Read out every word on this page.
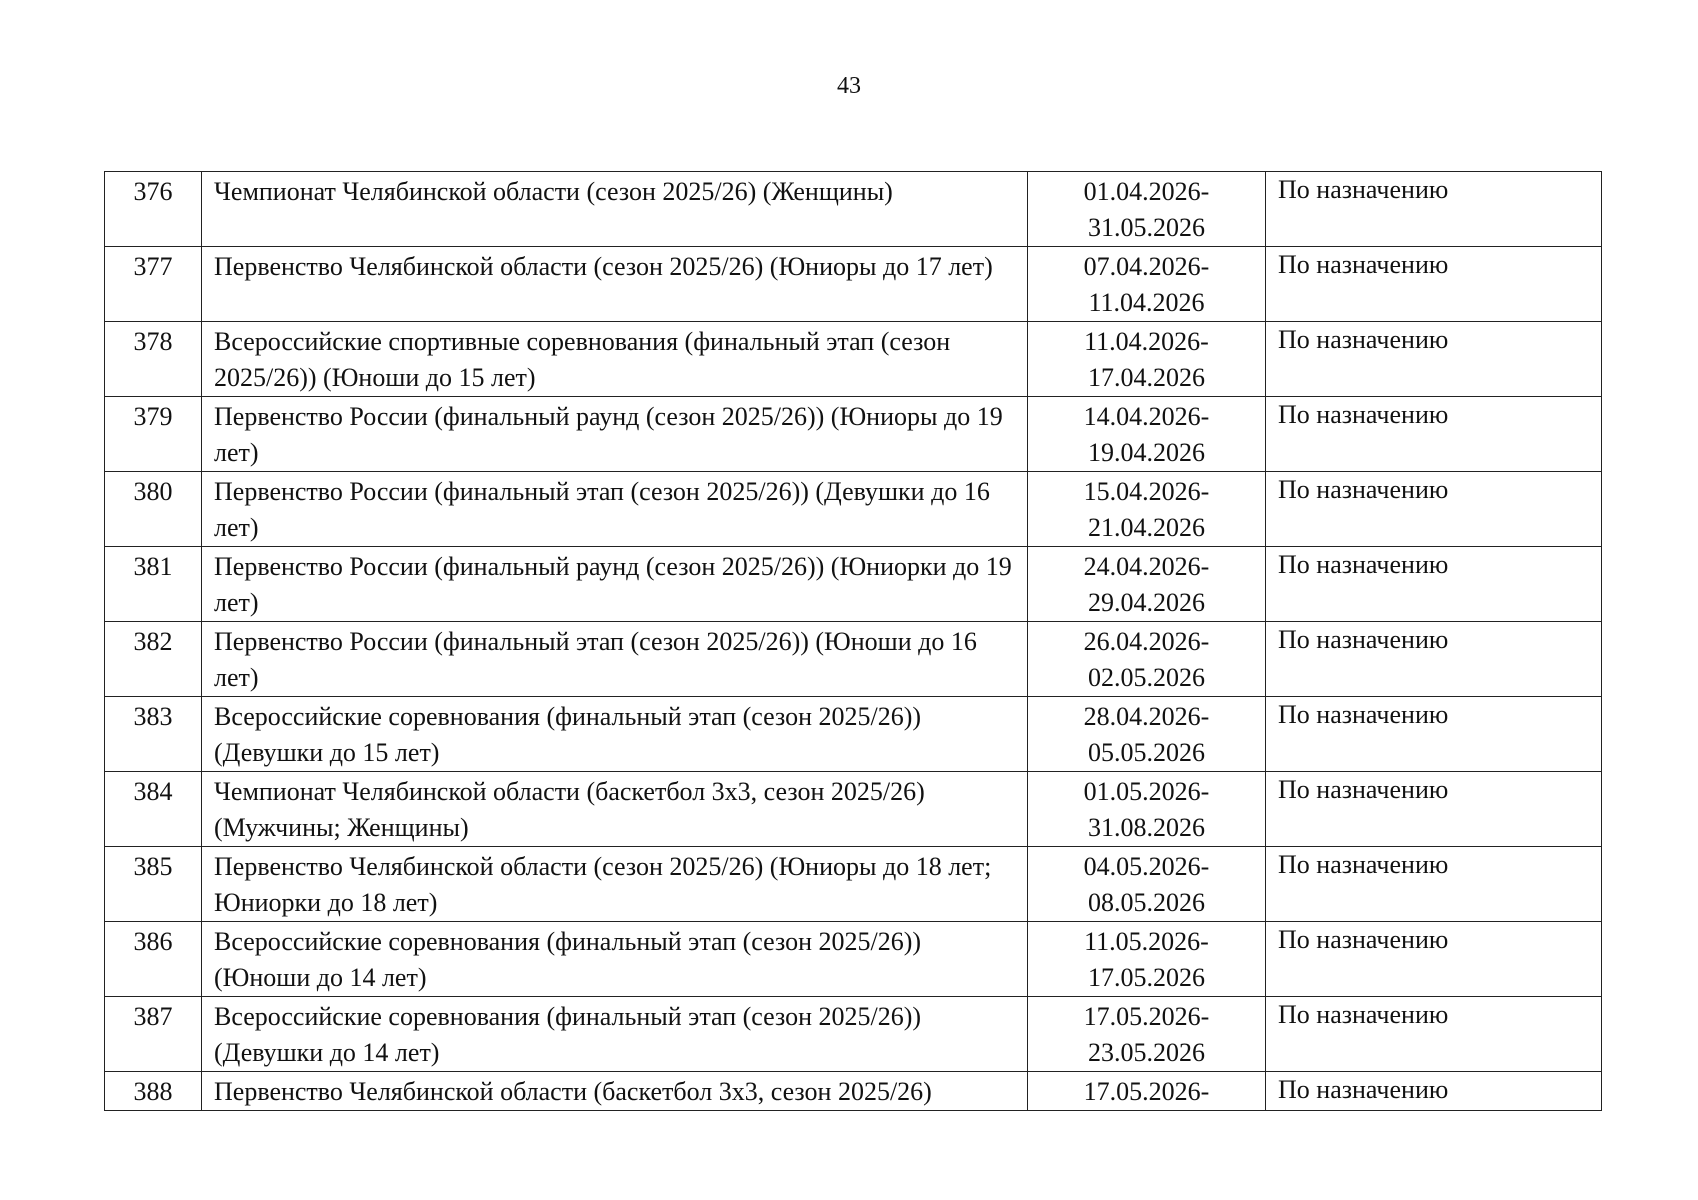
43
376	Чемпионат Челябинской области (сезон 2025/26) (Женщины)	01.04.2026-
31.05.2026	По назначению
377	Первенство Челябинской области (сезон 2025/26) (Юниоры до 17 лет)	07.04.2026-
11.04.2026	По назначению
378	Всероссийские спортивные соревнования (финальный этап (сезон 2025/26)) (Юноши до 15 лет)	11.04.2026-
17.04.2026	По назначению
379	Первенство России (финальный раунд (сезон 2025/26)) (Юниоры до 19 лет)	14.04.2026-
19.04.2026	По назначению
380	Первенство России (финальный этап (сезон 2025/26)) (Девушки до 16 лет)	15.04.2026-
21.04.2026	По назначению
381	Первенство России (финальный раунд (сезон 2025/26)) (Юниорки до 19 лет)	24.04.2026-
29.04.2026	По назначению
382	Первенство России (финальный этап (сезон 2025/26)) (Юноши до 16 лет)	26.04.2026-
02.05.2026	По назначению
383	Всероссийские соревнования (финальный этап (сезон 2025/26)) (Девушки до 15 лет)	28.04.2026-
05.05.2026	По назначению
384	Чемпионат Челябинской области (баскетбол 3х3, сезон 2025/26) (Мужчины; Женщины)	01.05.2026-
31.08.2026	По назначению
385	Первенство Челябинской области (сезон 2025/26) (Юниоры до 18 лет; Юниорки до 18 лет)	04.05.2026-
08.05.2026	По назначению
386	Всероссийские соревнования (финальный этап (сезон 2025/26)) (Юноши до 14 лет)	11.05.2026-
17.05.2026	По назначению
387	Всероссийские соревнования (финальный этап (сезон 2025/26)) (Девушки до 14 лет)	17.05.2026-
23.05.2026	По назначению
388	Первенство Челябинской области (баскетбол 3х3, сезон 2025/26)	17.05.2026-	По назначению
